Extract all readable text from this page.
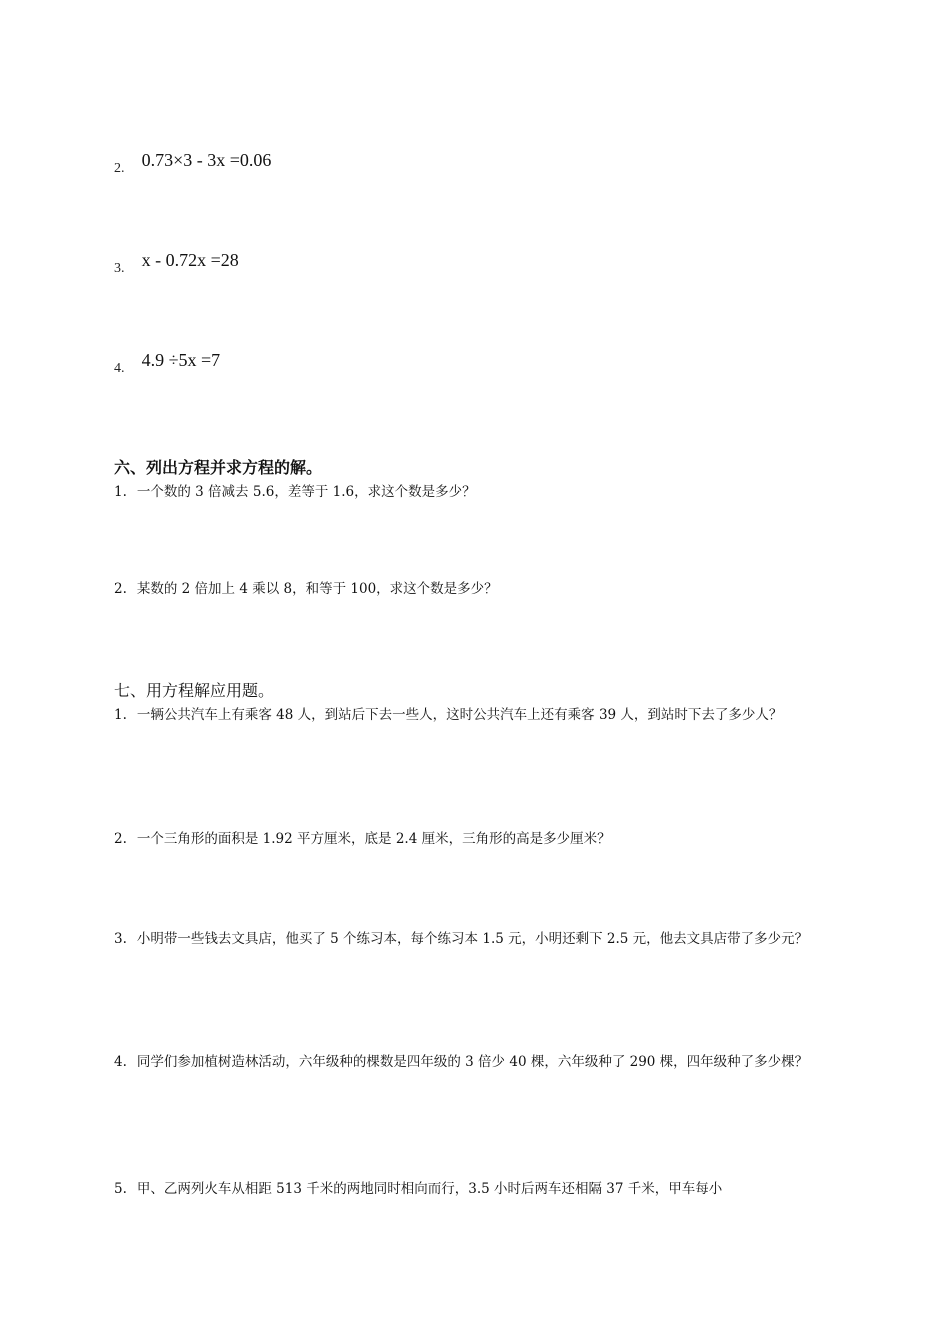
2. 0.73×3 - 3x =0.06
3. x - 0.72x =28
4. 4.9 ÷5x =7
六、列出方程并求方程的解。
1. 一个数的 3 倍减去 5.6，差等于 1.6，求这个数是多少？
2. 某数的 2 倍加上 4 乘以 8，和等于 100，求这个数是多少？
七、用方程解应用题。
1. 一辆公共汽车上有乘客 48 人，到站后下去一些人，这时公共汽车上还有乘客 39 人，到站时下去了多少人？
2. 一个三角形的面积是 1.92 平方厘米，底是 2.4 厘米，三角形的高是多少厘米？
3. 小明带一些钱去文具店，他买了 5 个练习本，每个练习本 1.5 元，小明还剩下 2.5 元，他去文具店带了多少元？
4. 同学们参加植树造林活动，六年级种的棵数是四年级的 3 倍少 40 棵，六年级种了 290 棵，四年级种了多少棵？
5. 甲、乙两列火车从相距 513 千米的两地同时相向而行，3.5 小时后两车还相隔 37 千米，甲车每小
